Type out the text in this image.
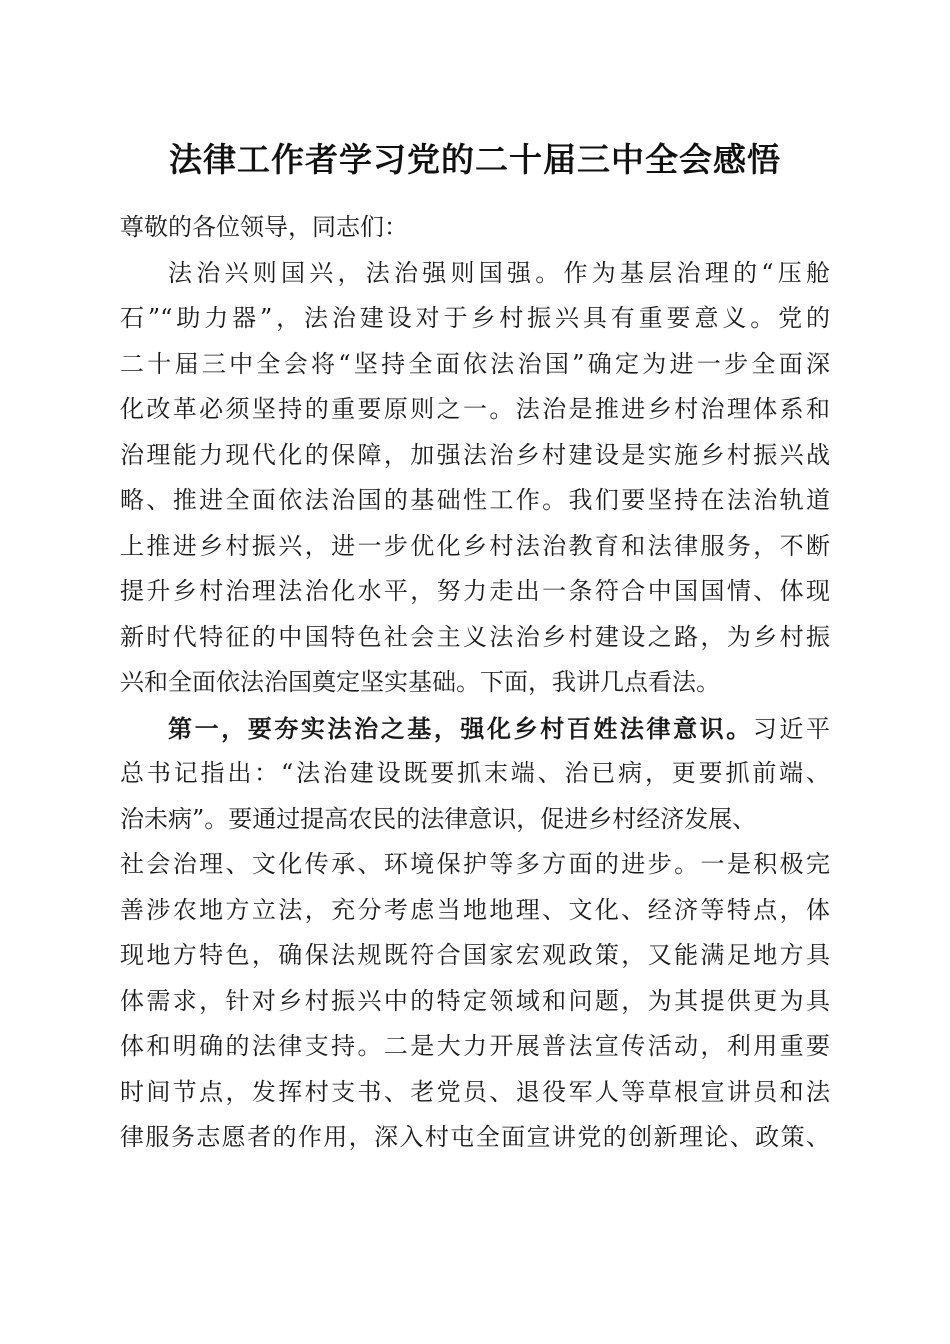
法律工作者学习党的二十届三中全会感悟
尊敬的各位领导，同志们：
法治兴则国兴，法治强则国强。作为基层治理的“压舱
石”“助力器”，法治建设对于乡村振兴具有重要意义。党的
二十届三中全会将“坚持全面依法治国”确定为进一步全面深
化改革必须坚持的重要原则之一。法治是推进乡村治理体系和
治理能力现代化的保障，加强法治乡村建设是实施乡村振兴战
略、推进全面依法治国的基础性工作。我们要坚持在法治轨道
上推进乡村振兴，进一步优化乡村法治教育和法律服务，不断
提升乡村治理法治化水平，努力走出一条符合中国国情、体现
新时代特征的中国特色社会主义法治乡村建设之路，为乡村振
兴和全面依法治国奠定坚实基础。下面，我讲几点看法。
第一，要夯实法治之基，强化乡村百姓法律意识。习近平
总书记指出：“法治建设既要抓末端、治已病，更要抓前端、
治未病”。要通过提高农民的法律意识，促进乡村经济发展、
社会治理、文化传承、环境保护等多方面的进步。一是积极完
善涉农地方立法，充分考虑当地地理、文化、经济等特点，体
现地方特色，确保法规既符合国家宏观政策，又能满足地方具
体需求，针对乡村振兴中的特定领域和问题，为其提供更为具
体和明确的法律支持。二是大力开展普法宣传活动，利用重要
时间节点，发挥村支书、老党员、退役军人等草根宣讲员和法
律服务志愿者的作用，深入村屯全面宣讲党的创新理论、政策、
